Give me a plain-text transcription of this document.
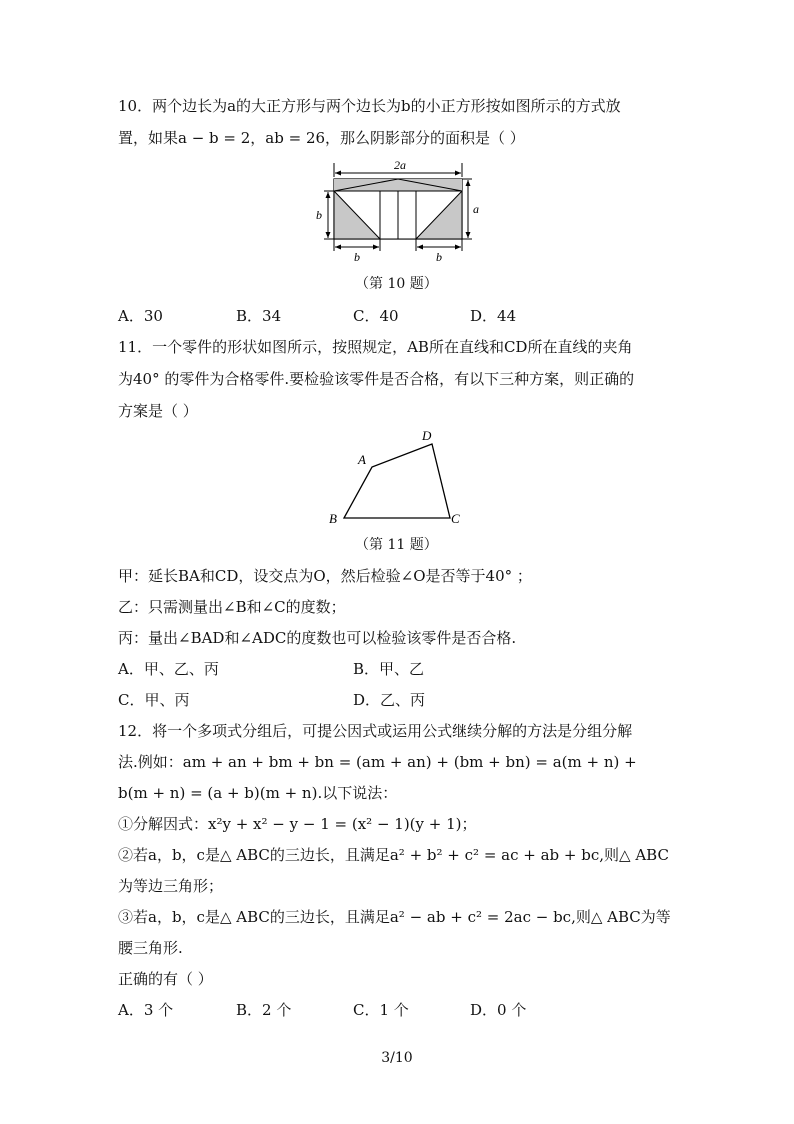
10．两个边长为a的大正方形与两个边长为b的小正方形按如图所示的方式放
置，如果a − b = 2，ab = 26，那么阴影部分的面积是（ ）
2a
b	a
b	b
（第 10 题）
A．30	B．34	C．40	D．44
11．一个零件的形状如图所示，按照规定，AB所在直线和CD所在直线的夹角
为40° 的零件为合格零件.要检验该零件是否合格，有以下三种方案，则正确的
方案是（ ）
A
B	C
D
（第 11 题）
甲：延长BA和CD，设交点为O，然后检验∠O是否等于40° ；
乙：只需测量出∠B和∠C的度数；
丙：量出∠BAD和∠ADC的度数也可以检验该零件是否合格.
A．甲、乙、丙	B．甲、乙
C．甲、丙	D．乙、丙
12．将一个多项式分组后，可提公因式或运用公式继续分解的方法是分组分解
法.例如：am + an + bm + bn = (am + an) + (bm + bn) = a(m + n) +
b(m + n) = (a + b)(m + n).以下说法：
①分解因式：x²y + x² − y − 1 = (x² − 1)(y + 1)；
②若a，b，c是△ ABC的三边长，且满足a² + b² + c² = ac + ab + bc,则△ ABC
为等边三角形；
③若a，b，c是△ ABC的三边长，且满足a² − ab + c² = 2ac − bc,则△ ABC为等
腰三角形.
正确的有（ ）
A．3 个	B．2 个	C．1 个	D．0 个
3/10
